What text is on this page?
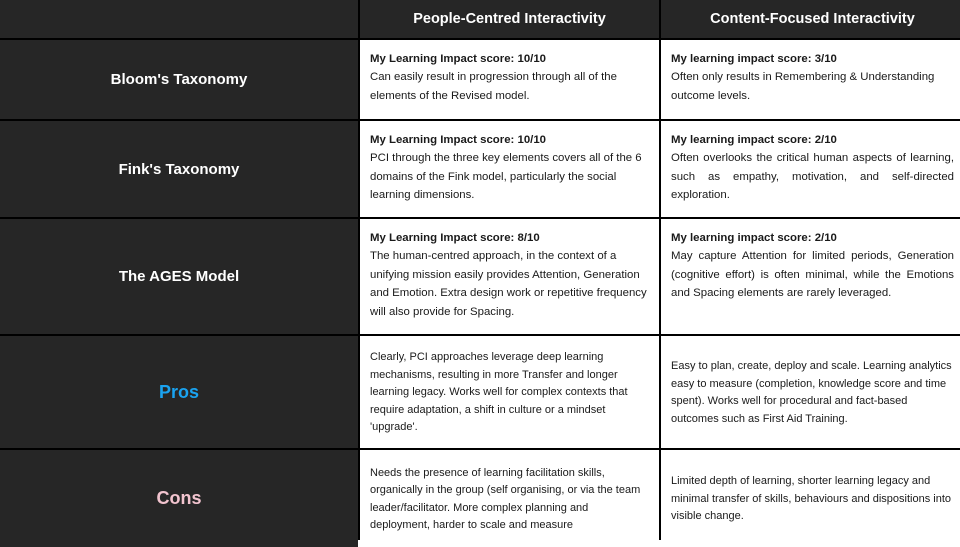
People-Centred Interactivity	Content-Focused Interactivity
Bloom's Taxonomy
My Learning Impact score: 10/10
Can easily result in progression through all of the elements of the Revised model.
My learning impact score: 3/10
Often only results in Remembering & Understanding outcome levels.
Fink's Taxonomy
My Learning Impact score: 10/10
PCI through the three key elements covers all of the 6 domains of the Fink model, particularly the social learning dimensions.
My learning impact score: 2/10
Often overlooks the critical human aspects of learning, such as empathy, motivation, and self-directed exploration.
The AGES Model
My Learning Impact score: 8/10
The human-centred approach, in the context of a unifying mission easily provides Attention, Generation and Emotion. Extra design work or repetitive frequency will also provide for Spacing.
My learning impact score: 2/10
May capture Attention for limited periods, Generation (cognitive effort) is often minimal, while the Emotions and Spacing elements are rarely leveraged.
Pros
Clearly, PCI approaches leverage deep learning mechanisms, resulting in more Transfer and longer learning legacy. Works well for complex contexts that require adaptation, a shift in culture or a mindset 'upgrade'.
Easy to plan, create, deploy and scale. Learning analytics easy to measure (completion, knowledge score and time spent). Works well for procedural and fact-based outcomes such as First Aid Training.
Cons
Needs the presence of learning facilitation skills, organically in the group (self organising, or via the team leader/facilitator. More complex planning and deployment, harder to scale and measure
Limited depth of learning, shorter learning legacy and minimal transfer of skills, behaviours and dispositions into visible change.
